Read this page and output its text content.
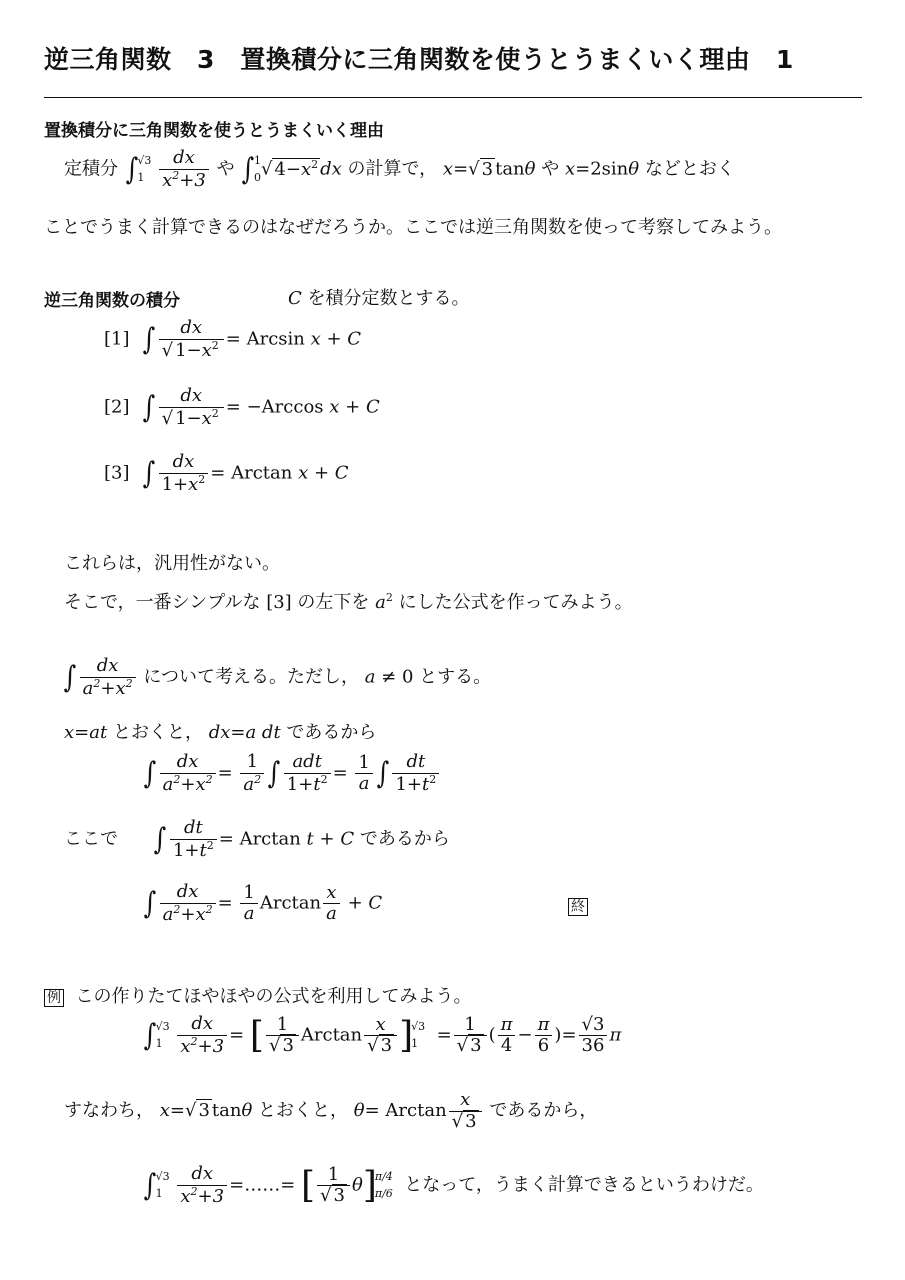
逆三角関数　3　置換積分に三角関数を使うとうまくいく理由　1
置換積分に三角関数を使うとうまくいく理由
定積分 ∫√3
$1 \frac{dx}{x^2+3}$ や ∫1
0√ $4-x^2$ dx の計算で， x=√ 3 tanθ や x=2sinθ などとおく
ことでうまく計算できるのはなぜだろうか。ここでは逆三角関数を使って考察してみよう。
逆三角関数の積分	C を積分定数とする。
[1] ∫ $\frac{dx}{√ 1-x^2} = Arcsin$ x + C
[2] ∫ $\frac{dx}{√ 1-x^2} = -Arccos$ x + C
[3] ∫ $\frac{dx}{1+x^2} = Arctan$ x + C
これらは，汎用性がない。
そこで，一番シンプルな [3] の左下を $a^2$ にした公式を作ってみよう。
∫ $\frac{dx}{a^2+x^2}$ について考える。ただし， a ≠ 0 とする。
x=at とおくと， dx=a dt であるから
∫ $\frac{dx}{a^2+x^2} = \frac{1}{a^2}$ ∫ $\frac{\text{adt}}{1+t^2} = \frac{1}{a}$ ∫ $\frac{dt}{1+t^2}$
ここで ∫ $\frac{dt}{1+t^2} = Arctan$ t + C であるから
∫ $\frac{dx}{a^2+x^2} = \frac{1}{a}$ Arctan $\frac{x}{a} + C$	終
例 この作りたてほやほやの公式を利用してみよう。
∫√3
$1 \frac{dx}{x^2+3}$ = [ $\frac{1}{√ 3}$ Arctan $\frac{x}{√ 3} ]√3$
$1 = \frac{1}{√ 3}$ ( $\frac{\pi}{4} - \frac{\pi}{6}$ )= $\frac{√3}{36}$ π
すなわち， x=√ 3 tanθ とおくと， θ= Arctan $\frac{x}{√ 3}$ であるから，
∫√3
$1 \frac{dx}{x^2+3}$ =……= [ $\frac{1}{√ 3} \theta]\pi/4$
π/6 となって，うまく計算できるというわけだ。
